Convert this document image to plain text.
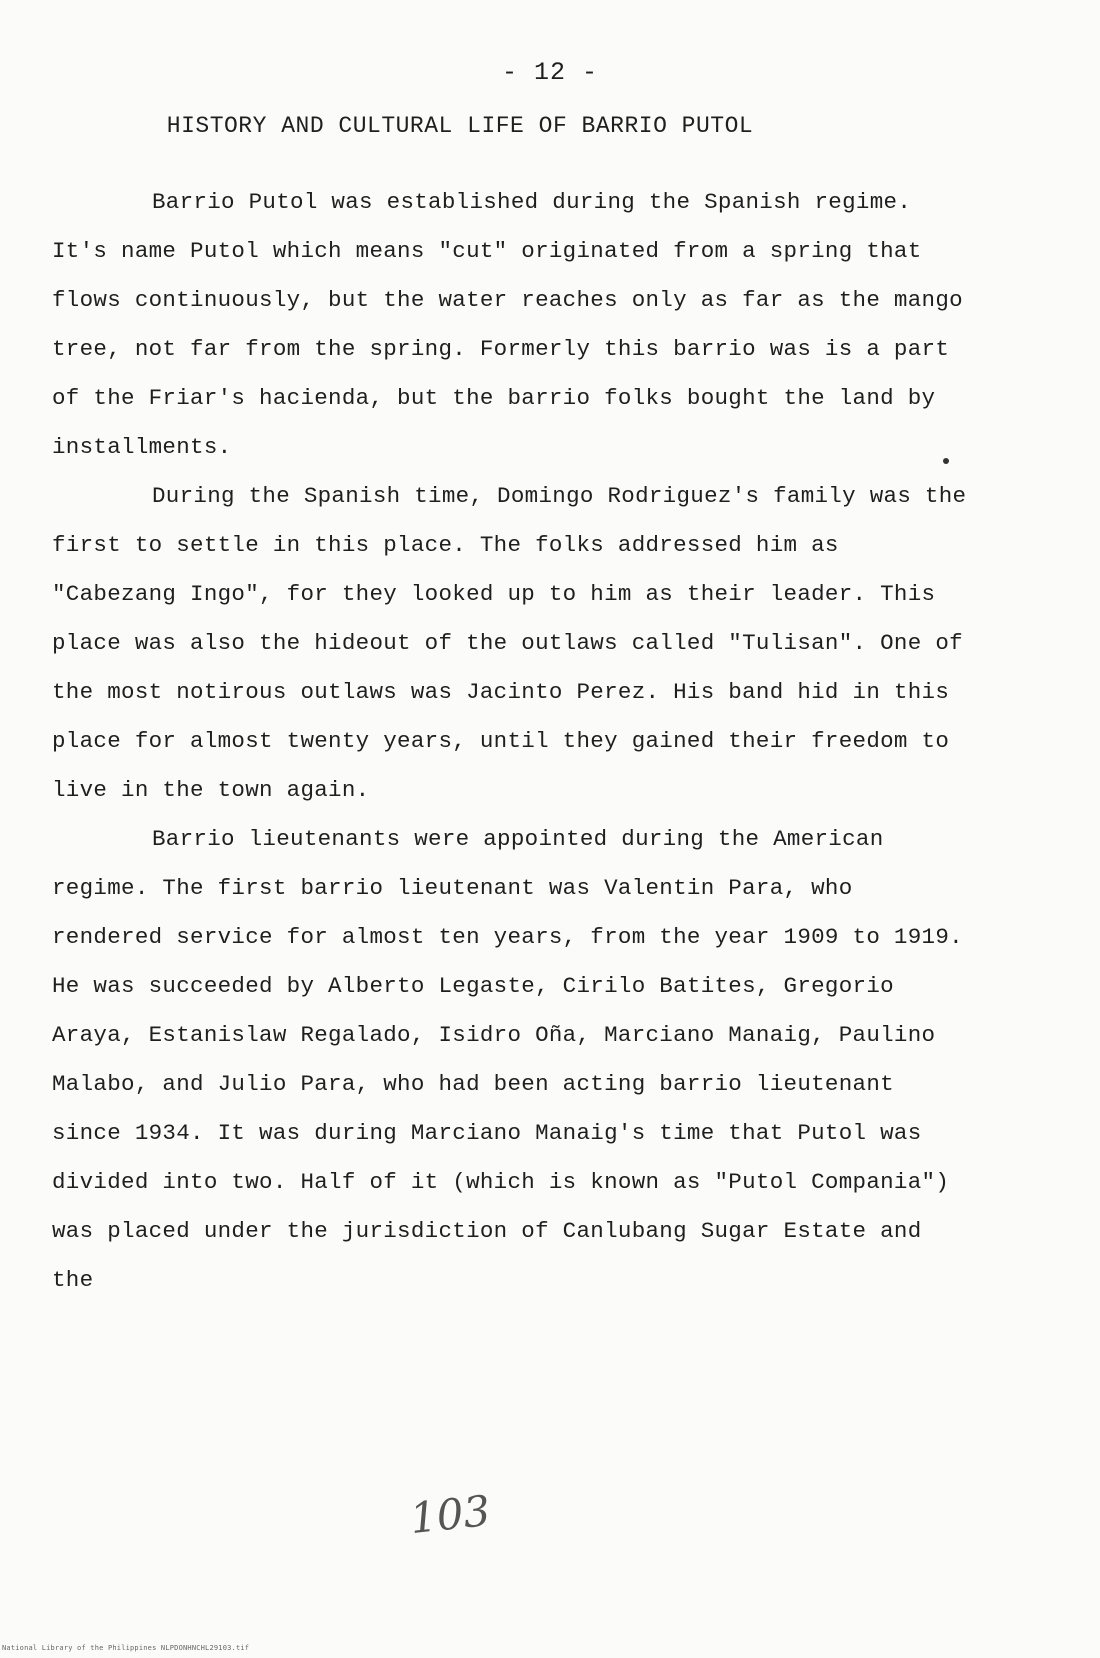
- 12 -
HISTORY AND CULTURAL LIFE OF BARRIO PUTOL

Barrio Putol was established during the Spanish regime. It's name Putol which means "cut" originated from a spring that flows continuously, but the water reaches only as far as the mango tree, not far from the spring. Formerly this barrio was is a part of the Friar's hacienda, but the barrio folks bought the land by installments.

During the Spanish time, Domingo Rodriguez's family was the first to settle in this place. The folks addressed him as "Cabezang Ingo", for they looked up to him as their leader. This place was also the hideout of the outlaws called "Tulisan". One of the most notirous outlaws was Jacinto Perez. His band hid in this place for almost twenty years, until they gained their freedom to live in the town again.

Barrio lieutenants were appointed during the American regime. The first barrio lieutenant was Valentin Para, who rendered service for almost ten years, from the year 1909 to 1919. He was succeeded by Alberto Legaste, Cirilo Batites, Gregorio Araya, Estanislaw Regalado, Isidro Oña, Marciano Manaig, Paulino Malabo, and Julio Para, who had been acting barrio lieutenant since 1934. It was during Marciano Manaig's time that Putol was divided into two. Half of it (which is known as "Putol Compania") was placed under the jurisdiction of Canlubang Sugar Estate and the

103
National Library of the Philippines NLPDONHNCHL29103.tif
